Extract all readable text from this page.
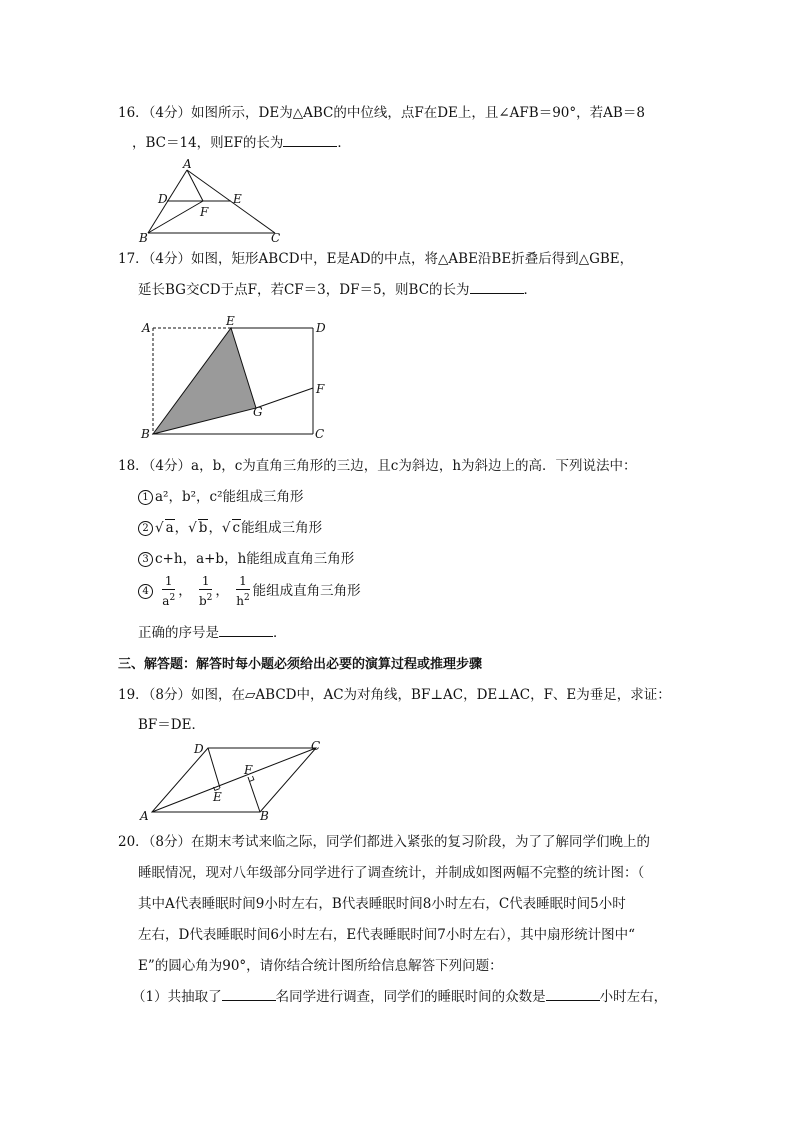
16．（4分）如图所示，DE为△ABC的中位线，点F在DE上，且∠AFB＝90°，若AB＝8
，BC＝14，则EF的长为	．
A
D	E
F
B	C
17．（4分）如图，矩形ABCD中，E是AD的中点，将△ABE沿BE折叠后得到△GBE，
延长BG交CD于点F，若CF＝3，DF＝5，则BC的长为	．
A	E	D
F
G
B	C
18．（4分）a，b，c为直角三角形的三边，且c为斜边，h为斜边上的高．下列说法中：
1 a²，b²，c²能组成三角形
2 √ a，√ b，√ c能组成三角形
3 c+h，a+b，h能组成直角三角形
$4 \frac{1}{a^2}$ ， $\frac{1}{b^2}$ ， $\frac{1}{h^2}$ 能组成直角三角形
正确的序号是	．
三、解答题：解答时每小题必须给出必要的演算过程或推理步骤
19．（8分）如图，在▱ABCD中，AC为对角线，BF⊥AC，DE⊥AC，F、E为垂足，求证：
BF＝DE．
D	C
F
E
A	B
20．（8分）在期末考试来临之际，同学们都进入紧张的复习阶段，为了了解同学们晚上的
睡眠情况，现对八年级部分同学进行了调查统计，并制成如图两幅不完整的统计图：（
其中A代表睡眠时间9小时左右，B代表睡眠时间8小时左右，C代表睡眠时间5小时
左右，D代表睡眠时间6小时左右，E代表睡眠时间7小时左右），其中扇形统计图中“
E”的圆心角为90°，请你结合统计图所给信息解答下列问题：
（1）共抽取了	名同学进行调查，同学们的睡眠时间的众数是	小时左右，
